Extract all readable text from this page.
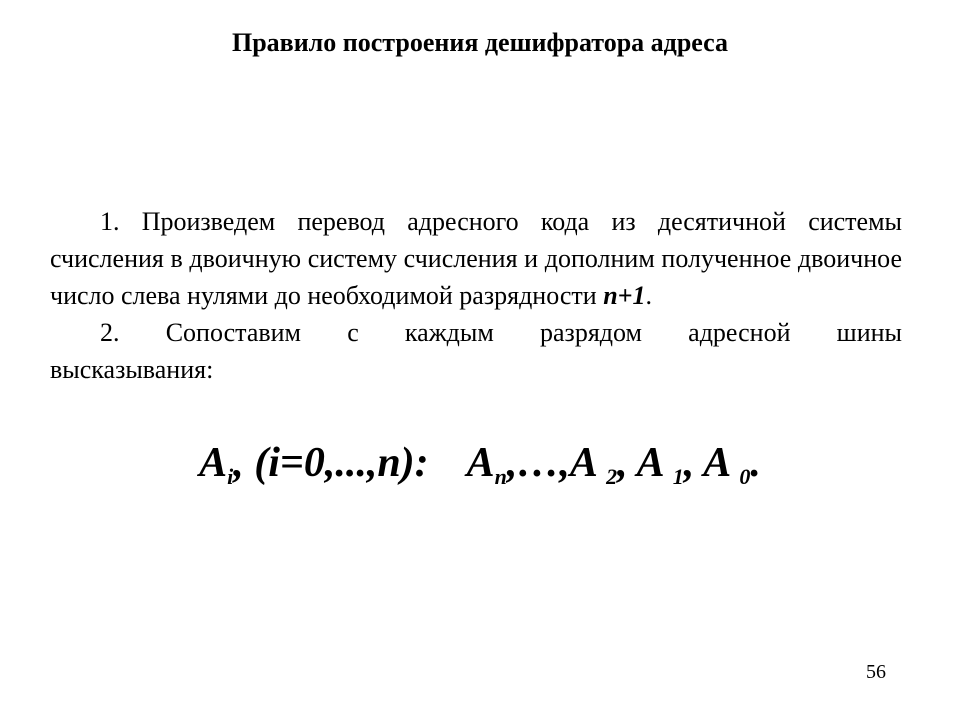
Правило построения дешифратора адреса
1. Произведем перевод адресного кода из десятичной системы счисления в двоичную систему счисления и дополним полученное двоичное число слева нулями до необходимой разрядности n+1.
2. Сопоставим с каждым разрядом адресной шины
высказывания:
$A_i$, (i=0,...,n): $A_n,\dots,A$ $_2$, A $_1$, A $_0$.
56
